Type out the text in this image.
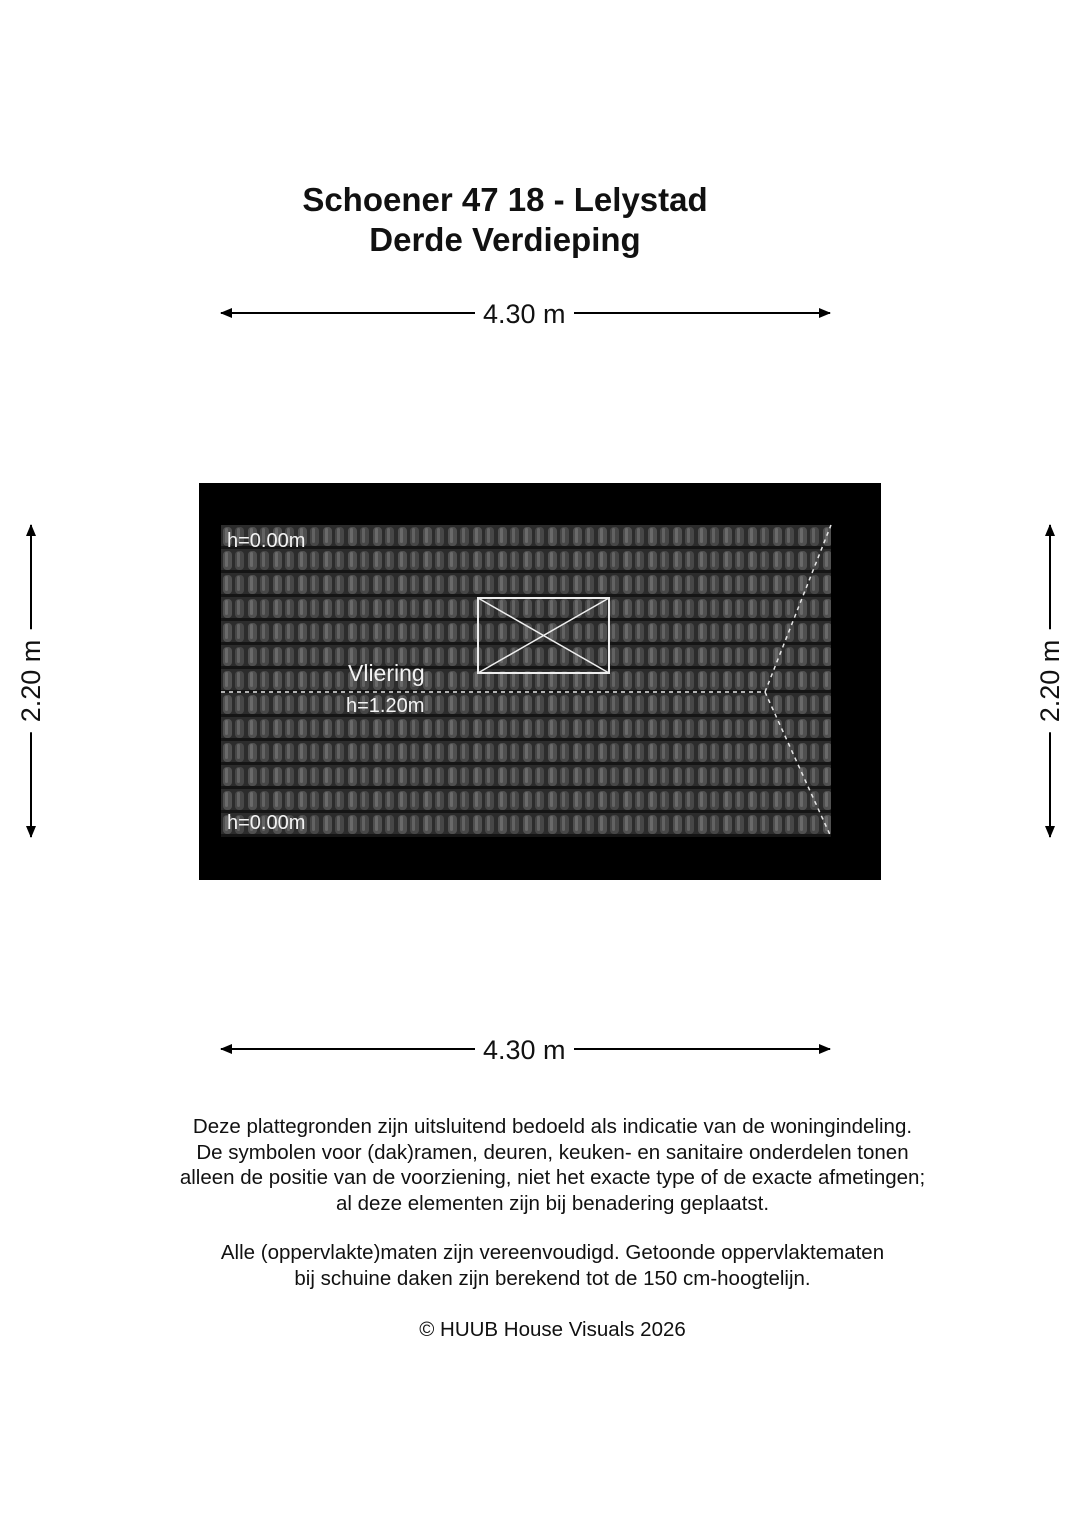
Schoener 47 18 - Lelystad
Derde Verdieping
4.30 m
4.30 m
2.20 m	2.20 m
h=0.00m
h=0.00m
Vliering
h=1.20m
Deze plattegronden zijn uitsluitend bedoeld als indicatie van de woningindeling.
De symbolen voor (dak)ramen, deuren, keuken- en sanitaire onderdelen tonen
alleen de positie van de voorziening, niet het exacte type of de exacte afmetingen;
al deze elementen zijn bij benadering geplaatst.
Alle (oppervlakte)maten zijn vereenvoudigd. Getoonde oppervlaktematen
bij schuine daken zijn berekend tot de 150 cm-hoogtelijn.
© HUUB House Visuals 2026
